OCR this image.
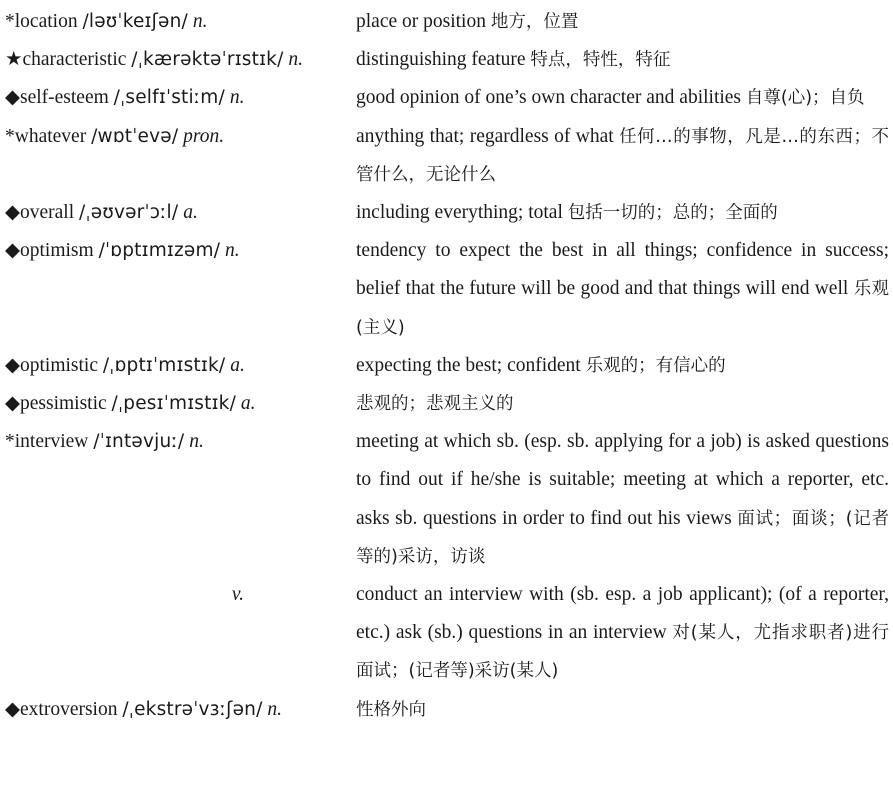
*location /ləʊˈkeɪʃən/ n.	place or position 地方，位置
★characteristic /ˌkærəktəˈrɪstɪk/ n.	distinguishing feature 特点，特性，特征
◆self-esteem /ˌselfɪˈstiːm/ n.	good opinion of one’s own character and abilities 自尊(心)；自负
*whatever /wɒtˈevə/ pron.	anything that; regardless of what 任何…的事物，凡是…的东西；不管什么，无论什么
◆overall /ˌəʊvərˈɔːl/ a.	including everything; total 包括一切的；总的；全面的
◆optimism /ˈɒptɪmɪzəm/ n.	tendency to expect the best in all things; confidence in success; belief that the future will be good and that things will end well 乐观(主义)
◆optimistic /ˌɒptɪˈmɪstɪk/ a.	expecting the best; confident 乐观的；有信心的
◆pessimistic /ˌpesɪˈmɪstɪk/ a.	悲观的；悲观主义的
*interview /ˈɪntəvjuː/ n.	meeting at which sb. (esp. sb. applying for a job) is asked questions to find out if he/she is suitable; meeting at which a reporter, etc. asks sb. questions in order to find out his views 面试；面谈；(记者等的)采访，访谈
v.	conduct an interview with (sb. esp. a job applicant); (of a reporter, etc.) ask (sb.) questions in an interview 对(某人，尤指求职者)进行面试；(记者等)采访(某人)
◆extroversion /ˌekstrəˈvɜːʃən/ n.	性格外向
